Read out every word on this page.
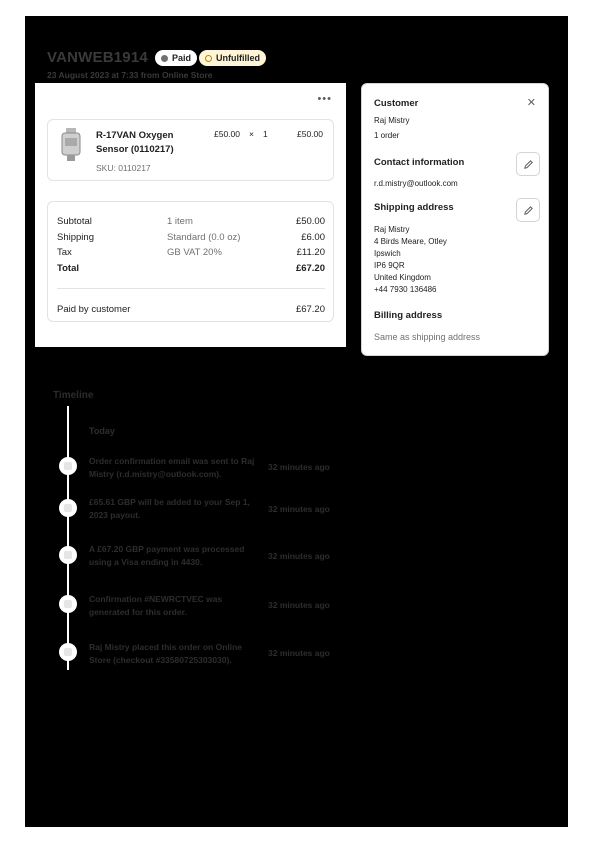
VANWEB1914	Paid	Unfulfilled
23 August 2023 at 7:33 from Online Store
•••
R-17VAN Oxygen Sensor (0110217)
SKU: 0110217
£50.00 × 1	£50.00
Subtotal	1 item	£50.00
Shipping	Standard (0.0 oz)	£6.00
Tax	GB VAT 20%	£11.20
Total	£67.20
Paid by customer	£67.20
Customer	✕
Raj Mistry
1 order
Contact information
r.d.mistry@outlook.com
Shipping address
Raj Mistry
4 Birds Meare, Otley
Ipswich
IP6 9QR
United Kingdom
+44 7930 136486
Billing address
Same as shipping address
Timeline
Today
Order confirmation email was sent to Raj Mistry (r.d.mistry@outlook.com).
32 minutes ago
£65.61 GBP will be added to your Sep 1, 2023 payout.
32 minutes ago
A £67.20 GBP payment was processed using a Visa ending in 4430.
32 minutes ago
Confirmation #NEWRCTVEC was generated for this order.
32 minutes ago
Raj Mistry placed this order on Online Store (checkout #33580725303030).
32 minutes ago
